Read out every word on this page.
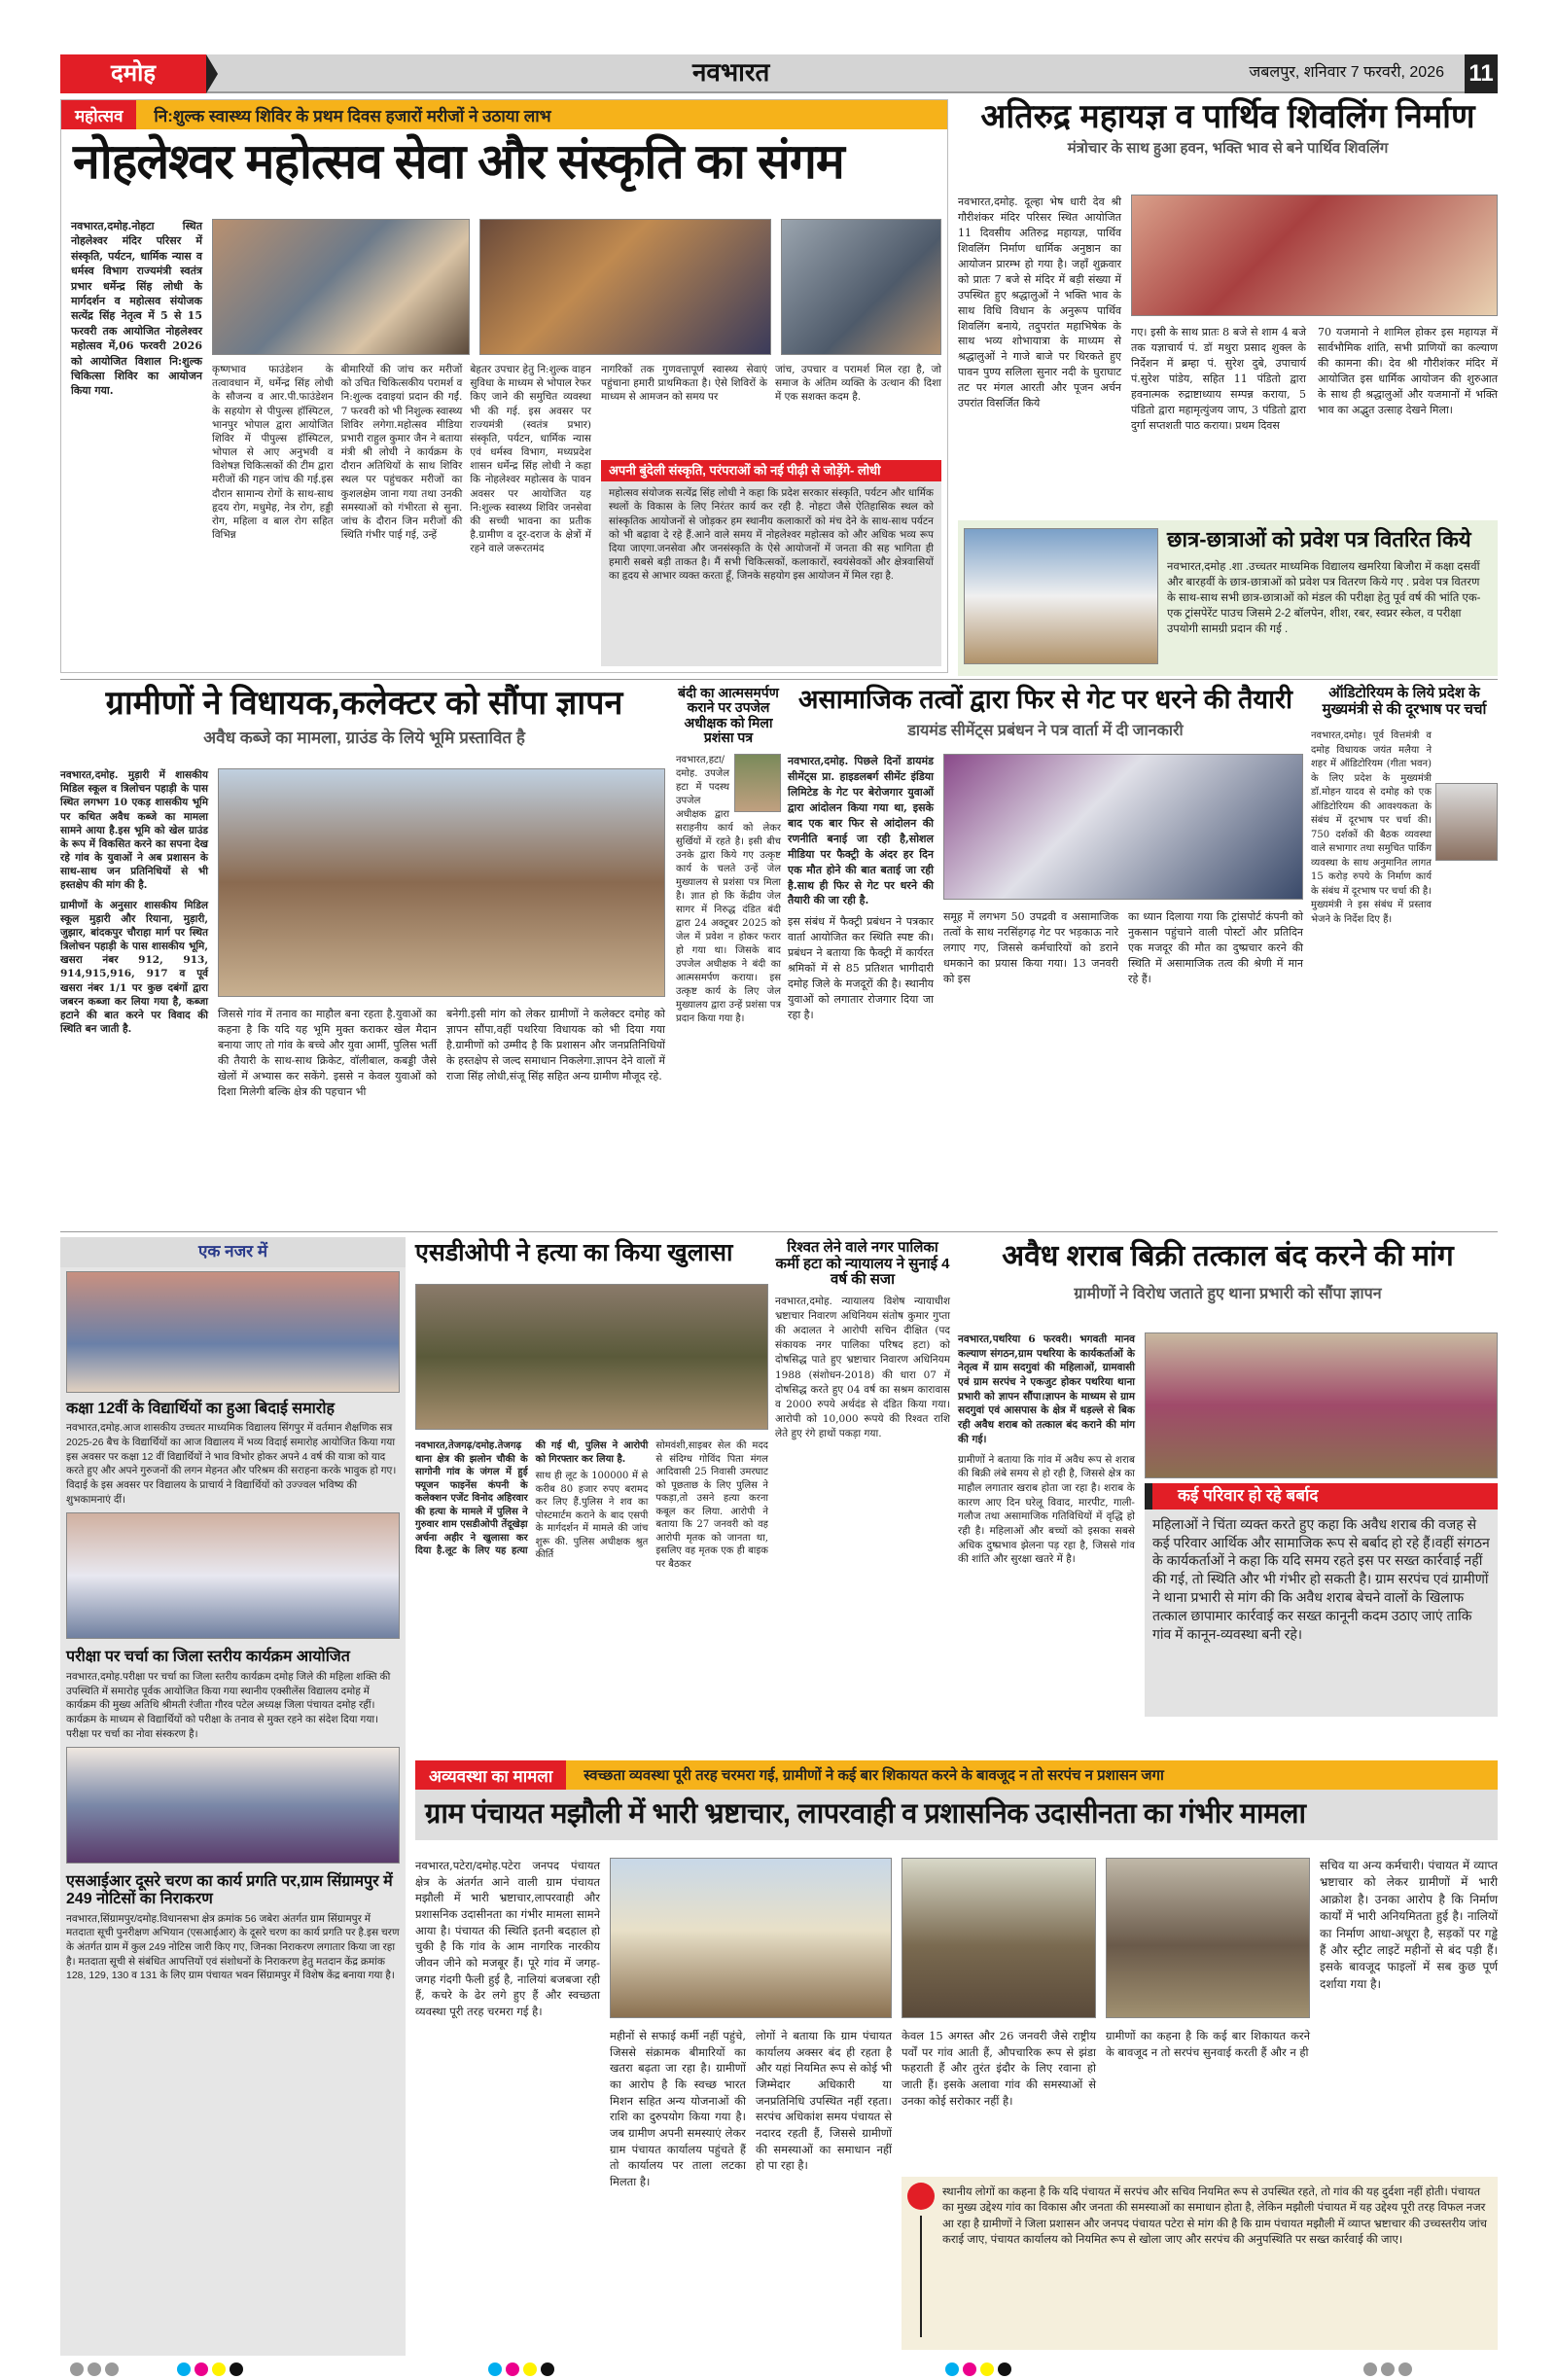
दमोह	नवभारत	जबलपुर, शनिवार 7 फरवरी, 2026 11
महोत्सव	नि:शुल्क स्वास्थ्य शिविर के प्रथम दिवस हजारों मरीजों ने उठाया लाभ
नोहलेश्वर महोत्सव सेवा और संस्कृति का संगम
नवभारत,दमोह.नोहटा स्थित नोहलेश्वर मंदिर परिसर में संस्कृति, पर्यटन, धार्मिक न्यास व धर्मस्व विभाग राज्यमंत्री स्वतंत्र प्रभार धर्मेन्द्र सिंह लोधी के मार्गदर्शन व महोत्सव संयोजक सत्येंद्र सिंह नेतृत्व में 5 से 15 फरवरी तक आयोजित नोहलेश्वर महोत्सव में,06 फरवरी 2026 को आयोजित विशाल नि:शुल्क चिकित्सा शिविर का आयोजन किया गया.
कृष्णभाव फाउंडेशन के तत्वावधान में, धर्मेन्द्र सिंह लोधी के सौजन्य व आर.पी.फाउंडेशन के सहयोग से पीपुल्स हॉस्पिटल, भानपुर भोपाल द्वारा आयोजित शिविर में पीपुल्स हॉस्पिटल, भोपाल से आए अनुभवी व विशेषज्ञ चिकित्सकों की टीम द्वारा मरीजों की गहन जांच की गई.इस दौरान सामान्य रोगों के साथ-साथ हृदय रोग, मधुमेह, नेत्र रोग, हड्डी रोग, महिला व बाल रोग सहित विभिन्न
बीमारियों की जांच कर मरीजों को उचित चिकित्सकीय परामर्श व नि:शुल्क दवाइयां प्रदान की गईं. 7 फरवरी को भी निशुल्क स्वास्थ्य शिविर लगेगा.महोत्सव मीडिया प्रभारी राहुल कुमार जैन ने बताया मंत्री श्री लोधी ने कार्यक्रम के दौरान अतिथियों के साथ शिविर स्थल पर पहुंचकर मरीजों का कुशलक्षेम जाना गया तथा उनकी समस्याओं को गंभीरता से सुना. जांच के दौरान जिन मरीजों की स्थिति गंभीर पाई गई, उन्हें
बेहतर उपचार हेतु नि:शुल्क वाहन सुविधा के माध्यम से भोपाल रेफर किए जाने की समुचित व्यवस्था भी की गई. इस अवसर पर राज्यमंत्री (स्वतंत्र प्रभार) संस्कृति, पर्यटन, धार्मिक न्यास एवं धर्मस्व विभाग, मध्यप्रदेश शासन धर्मेन्द्र सिंह लोधी ने कहा कि नोहलेश्वर महोत्सव के पावन अवसर पर आयोजित यह नि:शुल्क स्वास्थ्य शिविर जनसेवा की सच्ची भावना का प्रतीक है.ग्रामीण व दूर-दराज के क्षेत्रों में रहने वाले जरूरतमंद
नागरिकों तक गुणवत्तापूर्ण स्वास्थ्य सेवाएं पहुंचाना हमारी प्राथमिकता है। ऐसे शिविरों के माध्यम से आमजन को समय पर
जांच, उपचार व परामर्श मिल रहा है, जो समाज के अंतिम व्यक्ति के उत्थान की दिशा में एक सशक्त कदम है.
अपनी बुंदेली संस्कृति, परंपराओं को नई पीढ़ी से जोड़ेंगे- लोधी
महोत्सव संयोजक सत्येंद्र सिंह लोधी ने कहा कि प्रदेश सरकार संस्कृति, पर्यटन और धार्मिक स्थलों के विकास के लिए निरंतर कार्य कर रही है. नोहटा जैसे ऐतिहासिक स्थल को सांस्कृतिक आयोजनों से जोड़कर हम स्थानीय कलाकारों को मंच देने के साथ-साथ पर्यटन को भी बढ़ावा दे रहे हैं.आने वाले समय में नोहलेश्वर महोत्सव को और अधिक भव्य रूप दिया जाएगा.जनसेवा और जनसंस्कृति के ऐसे आयोजनों में जनता की सह भागिता ही हमारी सबसे बड़ी ताकत है। मैं सभी चिकित्सकों, कलाकारों, स्वयंसेवकों और क्षेत्रवासियों का हृदय से आभार व्यक्त करता हूँ, जिनके सहयोग इस आयोजन में मिल रहा है.
अतिरुद्र महायज्ञ व पार्थिव शिवलिंग निर्माण
मंत्रोचार के साथ हुआ हवन, भक्ति भाव से बने पार्थिव शिवलिंग
नवभारत,दमोह. दूल्हा भेष धारी देव श्री गौरीशंकर मंदिर परिसर स्थित आयोजित 11 दिवसीय अतिरुद्र महायज्ञ, पार्थिव शिवलिंग निर्माण धार्मिक अनुष्ठान का आयोजन प्रारम्भ हो गया है। जहाँ शुक्रवार को प्रातः 7 बजे से मंदिर में बड़ी संख्या में उपस्थित हुए श्रद्धालुओं ने भक्ति भाव के साथ विधि विधान के अनुरूप पार्थिव शिवलिंग बनाये, तदुपरांत महाभिषेक के साथ भव्य शोभायात्रा के माध्यम से श्रद्धालुओं ने गाजे बाजे पर थिरकते हुए पावन पुण्य सलिला सुनार नदी के घुराघाट तट पर मंगल आरती और पूजन अर्चन उपरांत विसर्जित किये
गए। इसी के साथ प्रातः 8 बजे से शाम 4 बजे तक यज्ञाचार्य पं. डॉ मथुरा प्रसाद शुक्ल के निर्देशन में ब्रम्हा पं. सुरेश दुबे, उपाचार्य पं.सुरेश पांडेय, सहित 11 पंडितो द्वारा हवनात्मक रुद्राष्टाध्याय सम्पन्न कराया, 5 पंडितो द्वारा महामृत्युंजय जाप, 3 पंडितो द्वारा दुर्गा सप्तशती पाठ कराया। प्रथम दिवस
70 यजमानो ने शामिल होकर इस महायज्ञ में सार्वभौमिक शांति, सभी प्राणियों का कल्याण की कामना की। देव श्री गौरीशंकर मंदिर में आयोजित इस धार्मिक आयोजन की शुरुआत के साथ ही श्रद्धालुओं और यजमानों में भक्ति भाव का अद्भुत उत्साह देखने मिला।
छात्र-छात्राओं को प्रवेश पत्र वितरित किये
नवभारत,दमोह .शा .उच्चतर माध्यमिक विद्यालय खमरिया बिजौरा में कक्षा दसवीं और बारहवीं के छात्र-छात्राओं को प्रवेश पत्र वितरण किये गए . प्रवेश पत्र वितरण के साथ-साथ सभी छात्र-छात्राओं को मंडल की परीक्षा हेतु पूर्व वर्ष की भांति एक-एक ट्रांसपेरेंट पाउच जिसमे 2-2 बॉलपेन, शीश, रबर, स्वप्नर स्केल, व परीक्षा उपयोगी सामग्री प्रदान की गई .
ग्रामीणों ने विधायक,कलेक्टर को सौंपा ज्ञापन
अवैध कब्जे का मामला, ग्राउंड के लिये भूमि प्रस्तावित है
नवभारत,दमोह. मुड़ारी में शासकीय मिडिल स्कूल व त्रिलोचन पहाड़ी के पास स्थित लगभग 10 एकड़ शासकीय भूमि पर कथित अवैध कब्जे का मामला सामने आया है.इस भूमि को खेल ग्राउंड के रूप में विकसित करने का सपना देख रहे गांव के युवाओं ने अब प्रशासन के साथ-साथ जन प्रतिनिधियों से भी हस्तक्षेप की मांग की है.
ग्रामीणों के अनुसार शासकीय मिडिल स्कूल मुड़ारी और रियाना, मुड़ारी, जुझार, बांदकपुर चौराहा मार्ग पर स्थित त्रिलोचन पहाड़ी के पास शासकीय भूमि, खसरा नंबर 912, 913, 914,915,916, 917 व पूर्व खसरा नंबर 1/1 पर कुछ दबंगों द्वारा जबरन कब्जा कर लिया गया है, कब्जा हटाने की बात करने पर विवाद की स्थिति बन जाती है.
जिससे गांव में तनाव का माहौल बना रहता है.युवाओं का कहना है कि यदि यह भूमि मुक्त कराकर खेल मैदान बनाया जाए तो गांव के बच्चे और युवा आर्मी, पुलिस भर्ती की तैयारी के साथ-साथ क्रिकेट, वॉलीबाल, कबड्डी जैसे खेलों में अभ्यास कर सकेंगे. इससे न केवल युवाओं को दिशा मिलेगी बल्कि क्षेत्र की पहचान भी
बनेगी.इसी मांग को लेकर ग्रामीणों ने कलेक्टर दमोह को ज्ञापन सौंपा,वहीं पथरिया विधायक को भी दिया गया है.ग्रामीणों को उम्मीद है कि प्रशासन और जनप्रतिनिधियों के हस्तक्षेप से जल्द समाधान निकलेगा.ज्ञापन देने वालों में राजा सिंह लोधी,संजू सिंह सहित अन्य ग्रामीण मौजूद रहे.
बंदी का आत्मसमर्पण कराने पर उपजेल अधीक्षक को मिला प्रशंसा पत्र
नवभारत,हटा/दमोह. उपजेल हटा में पदस्थ उपजेल अधीक्षक द्वारा सराहनीय कार्य को लेकर सुर्खियों में रहते है। इसी बीच उनके द्वारा किये गए उत्कृष्ट कार्य के चलते उन्हें जेल मुख्यालय से प्रशंसा पत्र मिला है। ज्ञात हो कि केंद्रीय जेल सागर में निरुद्ध दंडित बंदी द्वारा 24 अक्टूबर 2025 को जेल में प्रवेश न होकर फरार हो गया था। जिसके बाद उपजेल अधीक्षक ने बंदी का आत्मसमर्पण कराया। इस उत्कृष्ट कार्य के लिए जेल मुख्यालय द्वारा उन्हें प्रशंसा पत्र प्रदान किया गया है।
असामाजिक तत्वों द्वारा फिर से गेट पर धरने की तैयारी
डायमंड सीमेंट्स प्रबंधन ने पत्र वार्ता में दी जानकारी
नवभारत,दमोह. पिछले दिनों डायमंड सीमेंट्स प्रा. हाइडलबर्ग सीमेंट इंडिया लिमिटेड के गेट पर बेरोजगार युवाओं द्वारा आंदोलन किया गया था, इसके बाद एक बार फिर से आंदोलन की रणनीति बनाई जा रही है,सोशल मीडिया पर फैक्ट्री के अंदर हर दिन एक मौत होने की बात बताई जा रही है.साथ ही फिर से गेट पर धरने की तैयारी की जा रही है.
इस संबंध में फैक्ट्री प्रबंधन ने पत्रकार वार्ता आयोजित कर स्थिति स्पष्ट की। प्रबंधन ने बताया कि फैक्ट्री में कार्यरत श्रमिकों में से 85 प्रतिशत भागीदारी दमोह जिले के मजदूरों की है। स्थानीय युवाओं को लगातार रोजगार दिया जा रहा है।
समूह में लगभग 50 उपद्रवी व असामाजिक तत्वों के साथ नरसिंहगढ़ गेट पर भड़काऊ नारे लगाए गए, जिससे कर्मचारियों को डराने धमकाने का प्रयास किया गया। 13 जनवरी को इस
का ध्यान दिलाया गया कि ट्रांसपोर्ट कंपनी को नुकसान पहुंचाने वाली पोस्टों और प्रतिदिन एक मजदूर की मौत का दुष्प्रचार करने की स्थिति में असामाजिक तत्व की श्रेणी में मान रहे हैं।
ऑडिटोरियम के लिये प्रदेश के मुख्यमंत्री से की दूरभाष पर चर्चा
नवभारत,दमोह। पूर्व वित्तमंत्री व दमोह विधायक जयंत मलैया ने शहर में ऑडिटोरियम (गीता भवन) के लिए प्रदेश के मुख्यमंत्री डॉ.मोहन यादव से दमोह को एक ऑडिटोरियम की आवश्यकता के संबंध में दूरभाष पर चर्चा की। 750 दर्शकों की बैठक व्यवस्था वाले सभागार तथा समुचित पार्किंग व्यवस्था के साथ अनुमानित लागत 15 करोड़ रुपये के निर्माण कार्य के संबंध में दूरभाष पर चर्चा की है। मुख्यमंत्री ने इस संबंध में प्रस्ताव भेजने के निर्देश दिए हैं।
एक नजर में
कक्षा 12वीं के विद्यार्थियों का हुआ बिदाई समारोह
नवभारत,दमोह.आज शासकीय उच्चतर माध्यमिक विद्यालय सिंगपुर में वर्तमान शैक्षणिक सत्र 2025-26 बैच के विद्यार्थियों का आज विद्यालय में भव्य विदाई समारोह आयोजित किया गया इस अवसर पर कक्षा 12 वीं विद्यार्थियों ने भाव विभोर होकर अपने 4 वर्ष की यात्रा को याद करते हुए और अपने गुरुजनों की लगन मेहनत और परिश्रम की सराहना करके भावुक हो गए। विदाई के इस अवसर पर विद्यालय के प्राचार्य ने विद्यार्थियों को उज्ज्वल भविष्य की शुभकामनाएं दीं।
परीक्षा पर चर्चा का जिला स्तरीय कार्यक्रम आयोजित
नवभारत,दमोह.परीक्षा पर चर्चा का जिला स्तरीय कार्यक्रम दमोह जिले की महिला शक्ति की उपस्थिति में समारोह पूर्वक आयोजित किया गया स्थानीय एक्सीलेंस विद्यालय दमोह में कार्यक्रम की मुख्य अतिथि श्रीमती रंजीता गौरव पटेल अध्यक्ष जिला पंचायत दमोह रहीं। कार्यक्रम के माध्यम से विद्यार्थियों को परीक्षा के तनाव से मुक्त रहने का संदेश दिया गया। परीक्षा पर चर्चा का नोवा संस्करण है।
एसआईआर दूसरे चरण का कार्य प्रगति पर,ग्राम सिंग्रामपुर में 249 नोटिसों का निराकरण
नवभारत,सिंग्रामपुर/दमोह.विधानसभा क्षेत्र क्रमांक 56 जबेरा अंतर्गत ग्राम सिंग्रामपुर में मतदाता सूची पुनरीक्षण अभियान (एसआईआर) के दूसरे चरण का कार्य प्रगति पर है.इस चरण के अंतर्गत ग्राम में कुल 249 नोटिस जारी किए गए, जिनका निराकरण लगातार किया जा रहा है। मतदाता सूची से संबंधित आपत्तियों एवं संशोधनों के निराकरण हेतु मतदान केंद्र क्रमांक 128, 129, 130 व 131 के लिए ग्राम पंचायत भवन सिंग्रामपुर में विशेष केंद्र बनाया गया है।
एसडीओपी ने हत्या का किया खुलासा
नवभारत,तेजगढ़/दमोह.तेजगढ़ थाना क्षेत्र की झलोन चौकी के सागोनी गांव के जंगल में हुई फ्यूजन फाइनेंस कंपनी के कलेक्शन एजेंट विनोद अहिरवार की हत्या के मामले में पुलिस ने गुरुवार शाम एसडीओपी तेंदूखेड़ा अर्चना अहीर ने खुलासा कर दिया है.लूट के लिए यह हत्या की गई थी, पुलिस ने आरोपी को गिरफ्तार कर लिया है.
साथ ही लूट के 100000 में से करीब 80 हजार रुपए बरामद कर लिए हैं.पुलिस ने शव का पोस्टमार्टम कराने के बाद एसपी के मार्गदर्शन में मामले की जांच शुरू की. पुलिस अधीक्षक श्रुत कीर्ति
सोमवंशी,साइबर सेल की मदद से संदिग्ध गोविंद पिता मंगल आदिवासी 25 निवासी उमरघाट को पूछताछ के लिए पुलिस ने पकड़ा,तो उसने हत्या करना कबूल कर लिया. आरोपी ने बताया कि 27 जनवरी को वह आरोपी मृतक को जानता था, इसलिए वह मृतक एक ही बाइक पर बैठकर
रिश्वत लेने वाले नगर पालिका कर्मी हटा को न्यायालय ने सुनाई 4 वर्ष की सजा
नवभारत,दमोह. न्यायालय विशेष न्यायाधीश भ्रष्टाचार निवारण अधिनियम संतोष कुमार गुप्ता की अदालत ने आरोपी सचिन दीक्षित (पद संकायक नगर पालिका परिषद हटा) को दोषसिद्ध पाते हुए भ्रष्टाचार निवारण अधिनियम 1988 (संशोधन-2018) की धारा 07 में दोषसिद्ध करते हुए 04 वर्ष का सश्रम कारावास व 2000 रुपये अर्थदंड से दंडित किया गया। आरोपी को 10,000 रूपये की रिश्वत राशि लेते हुए रंगे हाथों पकड़ा गया.
अवैध शराब बिक्री तत्काल बंद करने की मांग
ग्रामीणों ने विरोध जताते हुए थाना प्रभारी को सौंपा ज्ञापन
नवभारत,पथरिया 6 फरवरी। भगवती मानव कल्याण संगठन,ग्राम पथरिया के कार्यकर्ताओं के नेतृत्व में ग्राम सदगुवां की महिलाओं, ग्रामवासी एवं ग्राम सरपंच ने एकजुट होकर पथरिया थाना प्रभारी को ज्ञापन सौंपा।ज्ञापन के माध्यम से ग्राम सदगुवां एवं आसपास के क्षेत्र में धड़ल्ले से बिक रही अवैध शराब को तत्काल बंद कराने की मांग की गई।
ग्रामीणों ने बताया कि गांव में अवैध रूप से शराब की बिक्री लंबे समय से हो रही है, जिससे क्षेत्र का माहौल लगातार खराब होता जा रहा है। शराब के कारण आए दिन घरेलू विवाद, मारपीट, गाली-गलौज तथा असामाजिक गतिविधियों में वृद्धि हो रही है। महिलाओं और बच्चों को इसका सबसे अधिक दुष्प्रभाव झेलना पड़ रहा है, जिससे गांव की शांति और सुरक्षा खतरे में है।
कई परिवार हो रहे बर्बाद
महिलाओं ने चिंता व्यक्त करते हुए कहा कि अवैध शराब की वजह से कई परिवार आर्थिक और सामाजिक रूप से बर्बाद हो रहे हैं।वहीं संगठन के कार्यकर्ताओं ने कहा कि यदि समय रहते इस पर सख्त कार्रवाई नहीं की गई, तो स्थिति और भी गंभीर हो सकती है। ग्राम सरपंच एवं ग्रामीणों ने थाना प्रभारी से मांग की कि अवैध शराब बेचने वालों के खिलाफ तत्काल छापामार कार्रवाई कर सख्त कानूनी कदम उठाए जाएं ताकि गांव में कानून-व्यवस्था बनी रहे।
अव्यवस्था का मामला	स्वच्छता व्यवस्था पूरी तरह चरमरा गई, ग्रामीणों ने कई बार शिकायत करने के बावजूद न तो सरपंच न प्रशासन जगा
ग्राम पंचायत मझौली में भारी भ्रष्टाचार, लापरवाही व प्रशासनिक उदासीनता का गंभीर मामला
नवभारत,पटेरा/दमोह.पटेरा जनपद पंचायत क्षेत्र के अंतर्गत आने वाली ग्राम पंचायत मझौली में भारी भ्रष्टाचार,लापरवाही और प्रशासनिक उदासीनता का गंभीर मामला सामने आया है। पंचायत की स्थिति इतनी बदहाल हो चुकी है कि गांव के आम नागरिक नारकीय जीवन जीने को मजबूर हैं। पूरे गांव में जगह-जगह गंदगी फैली हुई है, नालियां बजबजा रही हैं, कचरे के ढेर लगे हुए हैं और स्वच्छता व्यवस्था पूरी तरह चरमरा गई है।
महीनों से सफाई कर्मी नहीं पहुंचे, जिससे संक्रामक बीमारियों का खतरा बढ़ता जा रहा है। ग्रामीणों का आरोप है कि स्वच्छ भारत मिशन सहित अन्य योजनाओं की राशि का दुरुपयोग किया गया है। जब ग्रामीण अपनी समस्याएं लेकर ग्राम पंचायत कार्यालय पहुंचते हैं तो कार्यालय पर ताला लटका मिलता है।
लोगों ने बताया कि ग्राम पंचायत कार्यालय अक्सर बंद ही रहता है और यहां नियमित रूप से कोई भी जिम्मेदार अधिकारी या जनप्रतिनिधि उपस्थित नहीं रहता। सरपंच अधिकांश समय पंचायत से नदारद रहती हैं, जिससे ग्रामीणों की समस्याओं का समाधान नहीं हो पा रहा है।
केवल 15 अगस्त और 26 जनवरी जैसे राष्ट्रीय पर्वों पर गांव आती हैं, औपचारिक रूप से झंडा फहराती हैं और तुरंत इंदौर के लिए रवाना हो जाती हैं। इसके अलावा गांव की समस्याओं से उनका कोई सरोकार नहीं है।
ग्रामीणों का कहना है कि कई बार शिकायत करने के बावजूद न तो सरपंच सुनवाई करती हैं और न ही
सचिव या अन्य कर्मचारी। पंचायत में व्याप्त भ्रष्टाचार को लेकर ग्रामीणों में भारी आक्रोश है। उनका आरोप है कि निर्माण कार्यों में भारी अनियमितता हुई है। नालियों का निर्माण आधा-अधूरा है, सड़कों पर गड्ढे हैं और स्ट्रीट लाइटें महीनों से बंद पड़ी हैं। इसके बावजूद फाइलों में सब कुछ पूर्ण दर्शाया गया है।
स्थानीय लोगों का कहना है कि यदि पंचायत में सरपंच और सचिव नियमित रूप से उपस्थित रहते, तो गांव की यह दुर्दशा नहीं होती। पंचायत का मुख्य उद्देश्य गांव का विकास और जनता की समस्याओं का समाधान होता है, लेकिन मझौली पंचायत में यह उद्देश्य पूरी तरह विफल नजर आ रहा है ग्रामीणों ने जिला प्रशासन और जनपद पंचायत पटेरा से मांग की है कि ग्राम पंचायत मझौली में व्याप्त भ्रष्टाचार की उच्चस्तरीय जांच कराई जाए, पंचायत कार्यालय को नियमित रूप से खोला जाए और सरपंच की अनुपस्थिति पर सख्त कार्रवाई की जाए।
